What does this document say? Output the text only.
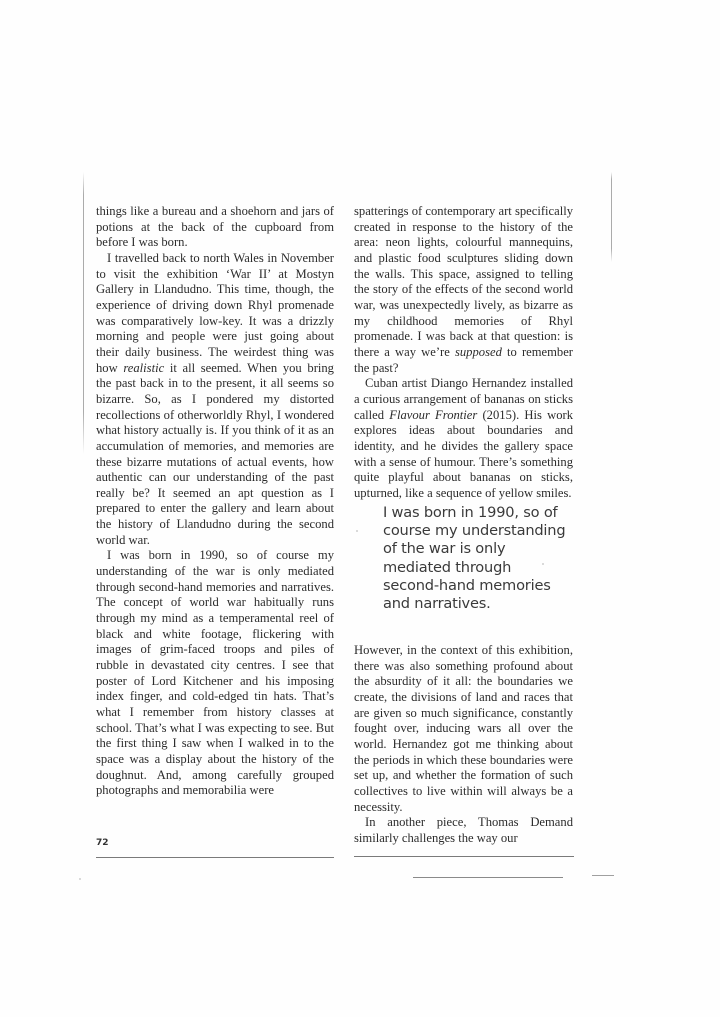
things like a bureau and a shoehorn and jars of potions at the back of the cupboard from before I was born.

I travelled back to north Wales in November to visit the exhibition ‘War II’ at Mostyn Gallery in Llandudno. This time, though, the experience of driving down Rhyl promenade was comparatively low-key. It was a drizzly morning and people were just going about their daily business. The weirdest thing was how realistic it all seemed. When you bring the past back in to the present, it all seems so bizarre. So, as I pondered my distorted recollections of otherworldly Rhyl, I wondered what history actually is. If you think of it as an accumulation of memories, and memories are these bizarre mutations of actual events, how authentic can our understanding of the past really be? It seemed an apt question as I prepared to enter the gallery and learn about the history of Llandudno during the second world war.

I was born in 1990, so of course my understanding of the war is only mediated through second-hand memories and narratives. The concept of world war habitually runs through my mind as a temperamental reel of black and white footage, flickering with images of grim-faced troops and piles of rubble in devastated city centres. I see that poster of Lord Kitchener and his imposing index finger, and cold-edged tin hats. That’s what I remember from history classes at school. That’s what I was expecting to see. But the first thing I saw when I walked in to the space was a display about the history of the doughnut. And, among carefully grouped photographs and memorabilia were

72

spatterings of contemporary art specifically created in response to the history of the area: neon lights, colourful mannequins, and plastic food sculptures sliding down the walls. This space, assigned to telling the story of the effects of the second world war, was unexpectedly lively, as bizarre as my childhood memories of Rhyl promenade. I was back at that question: is there a way we’re supposed to remember the past?

Cuban artist Diango Hernandez installed a curious arrangement of bananas on sticks called Flavour Frontier (2015). His work explores ideas about boundaries and identity, and he divides the gallery space with a sense of humour. There’s something quite playful about bananas on sticks, upturned, like a sequence of yellow smiles.

I was born in 1990, so of
course my understanding
of the war is only
mediated through
second-hand memories
and narratives.

However, in the context of this exhibition, there was also something profound about the absurdity of it all: the boundaries we create, the divisions of land and races that are given so much significance, constantly fought over, inducing wars all over the world. Hernandez got me thinking about the periods in which these boundaries were set up, and whether the formation of such collectives to live within will always be a necessity.

In another piece, Thomas Demand similarly challenges the way our
